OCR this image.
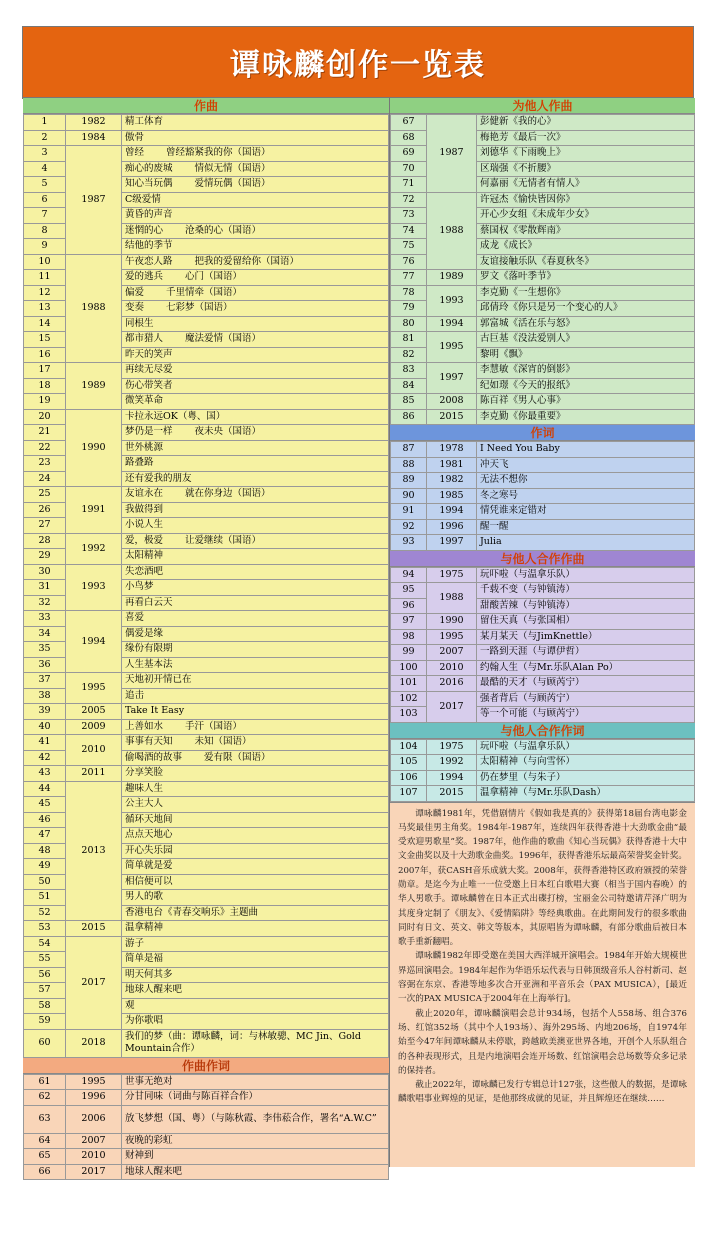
谭咏麟创作一览表
作曲
1	1982	精工体育
2	1984	傲骨
3	1987	曾经 曾经豁紧我的你（国语）
4		痴心的废城 情似无情（国语）
5		知心当玩偶 爱情玩偶（国语）
6		C级爱情
7		黄昏的声音
8		迷惘的心 沧桑的心（国语）
9		结他的季节
10	1988	午夜恋人路 把我的爱留给你（国语）
11		爱的逃兵 心门（国语）
12		偏爱 千里情牵（国语）
13		变奏 七彩梦（国语）
14		同根生
15		都市猎人 魔法爱情（国语）
16		昨天的笑声
17	1989	再续无尽爱
18		伤心带笑者
19		微笑革命
20	1990	卡拉永远OK（粤、国）
21		梦仍是一样 夜未央（国语）
22		世外桃源
23		路叠路
24		还有爱我的朋友
25	1991	友谊永在 就在你身边（国语）
26		我做得到
27		小说人生
28	1992	爱，极爱 让爱继续（国语）
29		太阳精神
30	1993	失恋酒吧
31		小鸟梦
32		再看白云天
33	1994	喜爱
34		偶爱是缘
35		缘份有限期
36		人生基本法
37	1995	天地初开情已在
38		追击
39	2005	Take It Easy
40	2009	上善如水 手汗（国语）
41	2010	事事有天知 未知（国语）
42		偷喝酒的故事 爱有限（国语）
43	2011	分享笑脸
44	2013	趣味人生
45		公主大人
46		循环天地间
47		点点天地心
48		开心失乐园
49		简单就是爱
50		相信便可以
51		男人的歌
52		香港电台《青春交响乐》主题曲
53	2015	温拿精神
54	2017	游子
55		简单是福
56		明天何其多
57		地球人醒来吧
58		观
59		为你歌唱
60	2018	我们的梦（曲：谭咏麟，词：与林敏骢、MC Jin、Gold Mountain合作）
作曲作词
61	1995	世事无绝对
62	1996	分甘同味（词曲与陈百祥合作）
63	2006	放飞梦想（国、粤）（与陈秋霞、李伟菘合作，署名“A.W.C”
64	2007	夜晚的彩虹
65	2010	财神到
66	2017	地球人醒来吧
为他人作曲
67	1987	彭健新《我的心》
68		梅艳芳《最后一次》
69		刘德华《下雨晚上》
70		区瑞强《不折腰》
71		何嘉丽《无情者有情人》
72	1988	许冠杰《愉快皆因你》
73		开心少女组《未成年少女》
74		蔡国权《零散辉南》
75		成龙《成长》
76		友谊接触乐队《春夏秋冬》
77	1989	罗文《落叶季节》
78	1993	李克勤《一生想你》
79		邱倩玲《你只是另一个变心的人》
80	1994	郭富城《活在乐与怒》
81	1995	古巨基《没法爱别人》
82		黎明《飘》
83	1997	李慧敏《深宵的倒影》
84		纪如璟《今天的报纸》
85	2008	陈百祥《男人心事》
86	2015	李克勤《你最重要》
作词
87	1978	I Need You Baby
88	1981	冲天飞
89	1982	无法不想你
90	1985	冬之寒号
91	1994	情凭谁来定错对
92	1996	醒一醒
93	1997	Julia
与他人合作作曲
94	1975	玩吓啦（与温拿乐队）
95	1988	千载不变（与钟镇涛）
96		甜酸苦辣（与钟镇涛）
97	1990	留住天真（与张国相）
98	1995	某月某天（与JimKnettle）
99	2007	一路到天涯（与谭伊哲）
100	2010	约翰人生（与Mr.乐队Alan Po）
101	2016	最酷的天才（与顾芮宁）
102	2017	强者背后（与顾芮宁）
103		等一个可能（与顾芮宁）
与他人合作作词
104	1975	玩吓啦（与温拿乐队）
105	1992	太阳精神（与向雪怀）
106	1994	仍在梦里（与朱子）
107	2015	温拿精神（与Mr.乐队Dash）

谭咏麟1981年，凭借剧情片《假如我是真的》获得第18届台湾电影金马奖最佳男主角奖。1984年-1987年，连续四年获得香港十大劲歌金曲“最受欢迎男歌星”奖。1987年，他作曲的歌曲《知心当玩偶》获得香港十大中文金曲奖以及十大劲歌金曲奖。1996年，获得香港乐坛最高荣誉奖金针奖。2007年，获CASH音乐成就大奖。2008年，获得香港特区政府颁授的荣誉勋章。是迄今为止唯一一位受邀上日本红白歌唱大赛（相当于国内春晚）的华人男歌手。谭咏麟曾在日本正式出碟打榜，宝丽金公司特邀请芹泽广明为其度身定制了《朋友》、《爱情陷阱》等经典歌曲。在此期间发行的很多歌曲同时有日文、英文、韩文等版本，其原唱皆为谭咏麟，有部分歌曲后被日本歌手重新翻唱。

谭咏麟1982年即受邀在美国大西洋城开演唱会。1984年开始大规模世界巡回演唱会。1984年起作为华语乐坛代表与日韩顶级音乐人谷村新司、赵容弼在东京、香港等地多次合开亚洲和平音乐会（PAX MUSICA），[最近一次的PAX MUSICA于2004年在上海举行]。

截止2020年，谭咏麟演唱会总计934场，包括个人558场、组合376场、红馆352场（其中个人193场）、海外295场、内地206场，自1974年始至今47年间谭咏麟从未停歇，跨越欧美澳亚世界各地，开创个人乐队组合的各种表现形式，且是内地演唱会连开场数、红馆演唱会总场数等众多记录的保持者。

截止2022年，谭咏麟已发行专辑总计127张，这些傲人的数据，是谭咏麟歌唱事业辉煌的见证，是他那终成就的见证，并且辉煌还在继续……
